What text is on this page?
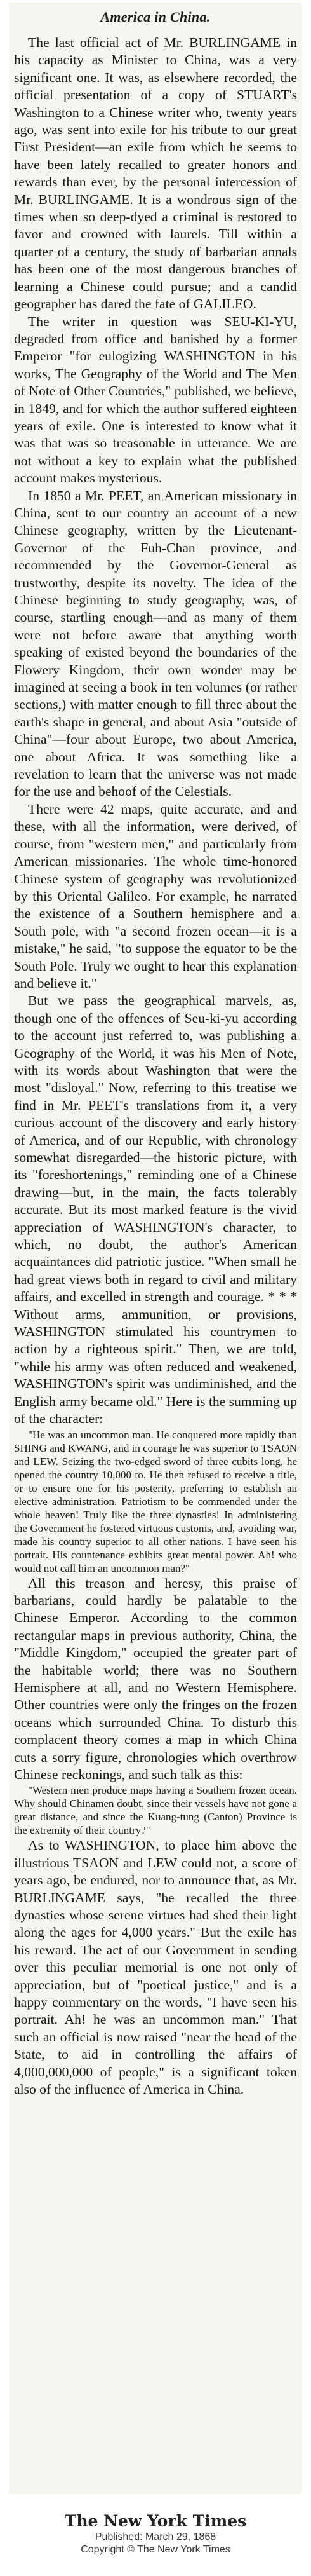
America in China.

The last official act of Mr. BURLINGAME in his capacity as Minister to China, was a very significant one. It was, as elsewhere recorded, the official presentation of a copy of STUART's Washington to a Chinese writer who, twenty years ago, was sent into exile for his tribute to our great First President—an exile from which he seems to have been lately recalled to greater honors and rewards than ever, by the personal intercession of Mr. BURLINGAME. It is a wondrous sign of the times when so deep-dyed a criminal is restored to favor and crowned with laurels. Till within a quarter of a century, the study of barbarian annals has been one of the most dangerous branches of learning a Chinese could pursue; and a candid geographer has dared the fate of GALILEO.

The writer in question was SEU-KI-YU, degraded from office and banished by a former Emperor "for eulogizing WASHINGTON in his works, The Geography of the World and The Men of Note of Other Countries," published, we believe, in 1849, and for which the author suffered eighteen years of exile. One is interested to know what it was that was so treasonable in utterance. We are not without a key to explain what the published account makes mysterious.

In 1850 a Mr. PEET, an American missionary in China, sent to our country an account of a new Chinese geography, written by the Lieutenant-Governor of the Fuh-Chan province, and recommended by the Governor-General as trustworthy, despite its novelty. The idea of the Chinese beginning to study geography, was, of course, startling enough—and as many of them were not before aware that anything worth speaking of existed beyond the boundaries of the Flowery Kingdom, their own wonder may be imagined at seeing a book in ten volumes (or rather sections,) with matter enough to fill three about the earth's shape in general, and about Asia "outside of China"—four about Europe, two about America, one about Africa. It was something like a revelation to learn that the universe was not made for the use and behoof of the Celestials.

There were 42 maps, quite accurate, and and these, with all the information, were derived, of course, from "western men," and particularly from American missionaries. The whole time-honored Chinese system of geography was revolutionized by this Oriental Galileo. For example, he narrated the existence of a Southern hemisphere and a South pole, with "a second frozen ocean—it is a mistake," he said, "to suppose the equator to be the South Pole. Truly we ought to hear this explanation and believe it."

But we pass the geographical marvels, as, though one of the offences of Seu-ki-yu according to the account just referred to, was publishing a Geography of the World, it was his Men of Note, with its words about Washington that were the most "disloyal." Now, referring to this treatise we find in Mr. PEET's translations from it, a very curious account of the discovery and early history of America, and of our Republic, with chronology somewhat disregarded—the historic picture, with its "foreshortenings," reminding one of a Chinese drawing—but, in the main, the facts tolerably accurate. But its most marked feature is the vivid appreciation of WASHINGTON's character, to which, no doubt, the author's American acquaintances did patriotic justice. "When small he had great views both in regard to civil and military affairs, and excelled in strength and courage. * * * Without arms, ammunition, or provisions, WASHINGTON stimulated his countrymen to action by a righteous spirit." Then, we are told, "while his army was often reduced and weakened, WASHINGTON's spirit was undiminished, and the English army became old." Here is the summing up of the character:

"He was an uncommon man. He conquered more rapidly than SHING and KWANG, and in courage he was superior to TSAON and LEW. Seizing the two-edged sword of three cubits long, he opened the country 10,000 to. He then refused to receive a title, or to ensure one for his posterity, preferring to establish an elective administration. Patriotism to be commended under the whole heaven! Truly like the three dynasties! In administering the Government he fostered virtuous customs, and, avoiding war, made his country superior to all other nations. I have seen his portrait. His countenance exhibits great mental power. Ah! who would not call him an uncommon man?"

All this treason and heresy, this praise of barbarians, could hardly be palatable to the Chinese Emperor. According to the common rectangular maps in previous authority, China, the "Middle Kingdom," occupied the greater part of the habitable world; there was no Southern Hemisphere at all, and no Western Hemisphere. Other countries were only the fringes on the frozen oceans which surrounded China. To disturb this complacent theory comes a map in which China cuts a sorry figure, chronologies which overthrow Chinese reckonings, and such talk as this:

"Western men produce maps having a Southern frozen ocean. Why should Chinamen doubt, since their vessels have not gone a great distance, and since the Kuang-tung (Canton) Province is the extremity of their country?"

As to WASHINGTON, to place him above the illustrious TSAON and LEW could not, a score of years ago, be endured, nor to announce that, as Mr. BURLINGAME says, "he recalled the three dynasties whose serene virtues had shed their light along the ages for 4,000 years." But the exile has his reward. The act of our Government in sending over this peculiar memorial is one not only of appreciation, but of "poetical justice," and is a happy commentary on the words, "I have seen his portrait. Ah! he was an uncommon man." That such an official is now raised "near the head of the State, to aid in controlling the affairs of 4,000,000,000 of people," is a significant token also of the influence of America in China.

The New York Times
Published: March 29, 1868
Copyright © The New York Times
